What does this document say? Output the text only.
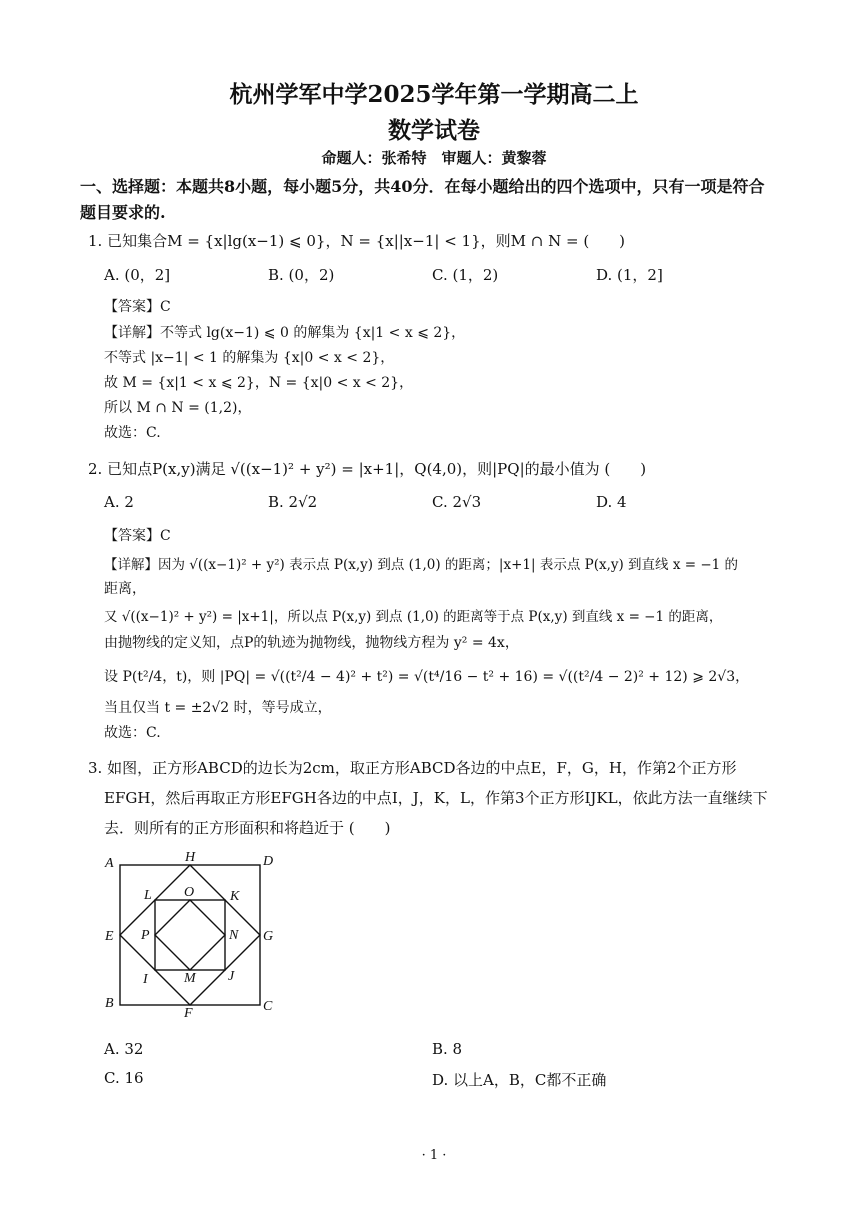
杭州学军中学2025学年第一学期高二上
数学试卷
命题人：张希特　审题人：黄黎蓉
一、选择题：本题共8小题，每小题5分，共40分．在每小题给出的四个选项中，只有一项是符合
题目要求的.
1. 已知集合M = {x|lg(x−1) ⩽ 0}，N = {x||x−1| < 1}，则M ∩ N = (　　)
A. (0，2]	B. (0，2)	C. (1，2)	D. (1，2]
【答案】C
【详解】不等式 lg(x−1) ⩽ 0 的解集为 {x|1 < x ⩽ 2}，
不等式 |x−1| < 1 的解集为 {x|0 < x < 2}，
故 M = {x|1 < x ⩽ 2}，N = {x|0 < x < 2}，
所以 M ∩ N = (1,2)，
故选：C.
2. 已知点P(x,y)满足 √((x−1)² + y²) = |x+1|，Q(4,0)，则|PQ|的最小值为 (　　)
A. 2	B. 2√2	C. 2√3	D. 4
【答案】C
【详解】因为 √((x−1)² + y²) 表示点 P(x,y) 到点 (1,0) 的距离；|x+1| 表示点 P(x,y) 到直线 x = −1 的
距离，
又 √((x−1)² + y²) = |x+1|，所以点 P(x,y) 到点 (1,0) 的距离等于点 P(x,y) 到直线 x = −1 的距离，
由抛物线的定义知，点P的轨迹为抛物线，抛物线方程为 y² = 4x，
设 P(t²/4，t)，则 |PQ| = √((t²/4 − 4)² + t²) = √(t⁴/16 − t² + 16) = √((t²/4 − 2)² + 12) ⩾ 2√3，
当且仅当 t = ±2√2 时，等号成立，
故选：C.
3. 如图，正方形ABCD的边长为2cm，取正方形ABCD各边的中点E，F，G，H，作第2个正方形
EFGH，然后再取正方形EFGH各边的中点I，J，K，L，作第3个正方形IJKL，依此方法一直继续下
去．则所有的正方形面积和将趋近于 (　　)
A
B	C
D
E
F
G
H
I	J
K
L
M
N
O
P
A. 32	B. 8
C. 16	D. 以上A，B，C都不正确
· 1 ·
